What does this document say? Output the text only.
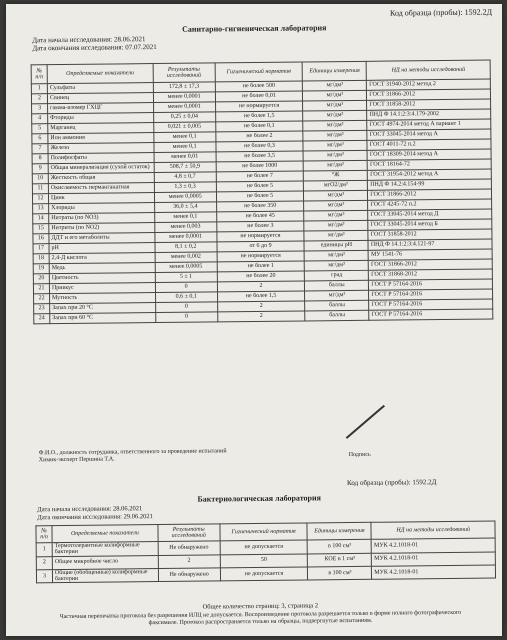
Код образца (пробы): 1592.2Д
Санитарно-гигиеническая лаборатория
Дата начала исследования: 28.06.2021
Дата окончания исследования: 07.07.2021
№ п/п	Определяемые показатели	Результаты исследований	Гигиенический норматив	Единицы измерения	НД на методы исследований
1	Сульфаты	172,8 ± 17,3	не более 500	мг/дм³	ГОСТ 31940-2012 метод 2
2	Свинец	менее 0,0001	не более 0,01	мг/дм³	ГОСТ 31866-2012
3	гамма-изомер ГХЦГ	менее 0,0001	не нормируется	мг/дм³	ГОСТ 31858-2012
4	Фториды	0,25 ± 0,04	не более 1,5	мг/дм³	ПНД Ф 14.1:2:3:4.179-2002
5	Марганец	0,021 ± 0,005	не более 0,1	мг/дм³	ГОСТ 4974-2014 метод А вариант 1
6	Ион аммония	менее 0,1	не более 2	мг/дм³	ГОСТ 33045-2014 метод А
7	Железо	менее 0,1	не более 0,3	мг/дм³	ГОСТ 4011-72 п.2
8	Полифосфаты	менее 0,01	не более 3,5	мг/дм³	ГОСТ 18309-2014 метод А
9	Общая минерализация (сухой остаток)	508,7 ± 50,9	не более 1000	мг/дм³	ГОСТ 18164-72
10	Жесткость общая	4,8 ± 0,7	не более 7	°Ж	ГОСТ 31954-2012 метод А
11	Окисляемость перманганатная	1,3 ± 0,3	не более 5	мгО2/дм³	ПНД Ф 14.2:4.154-99
12	Цинк	менее 0,0005	не более 5	мг/дм³	ГОСТ 31866-2012
13	Хлориды	36,0 ± 5,4	не более 350	мг/дм³	ГОСТ 4245-72 п.2
14	Нитраты (по NO3)	менее 0,1	не более 45	мг/дм³	ГОСТ 33045-2014 метод Д
15	Нитриты (по NO2)	менее 0,003	не более 3	мг/дм³	ГОСТ 33045-2014 метод Б
16	ДДТ и его метаболиты	менее 0,0001	не нормируется	мг/дм³	ГОСТ 31858-2012
17	pH	8,1 ± 0,2	от 6 до 9	единицы pH	ПНД Ф 14.1:2:3:4.121-97
18	2,4-Д кислота	менее 0,002	не нормируется	мг/дм³	МУ 1541-76
19	Медь	менее 0,0005	не более 1	мг/дм³	ГОСТ 31866-2012
20	Цветность	5 ± 1	не более 20	град	ГОСТ 31868-2012
21	Привкус	0	2	баллы	ГОСТ Р 57164-2016
22	Мутность	0,6 ± 0,1	не более 1,5	мг/дм³	ГОСТ Р 57164-2016
23	Запах при 20 °С	0	2	баллы	ГОСТ Р 57164-2016
24	Запах при 60 °С	0	2	баллы	ГОСТ Р 57164-2016
Ф.И.О., должность сотрудника, ответственного за проведение испытаний
Химик-эксперт Першина Т.А.
Подпись
Код образца (пробы): 1592.2Д
Бактериологическая лаборатория
Дата начала исследования: 28.06.2021
Дата окончания исследования: 29.06.2021
№ п/п	Определяемые показатели	Результаты исследований	Гигиенический норматив	Единицы измерения	НД на методы исследований
1	Термотолерантные колиформные бактерии	Не обнаружено	не допускается	в 100 см³	МУК 4.2.1018-01
2	Общее микробное число	2	50	КОЕ в 1 см³	МУК 4.2.1018-01
3	Общие (обобщенные) колиформные бактерии	Не обнаружено	не допускается	в 100 см³	МУК 4.2.1018-01
Общее количество страниц: 3, страница 2
Частичная перепечатка протокола без разрешения ИЛЦ не допускается. Воспроизведение протокола разрешается только в форме полного фотографического факсимиле. Протокол распространяется только на образцы, подвергнутые испытаниям.
